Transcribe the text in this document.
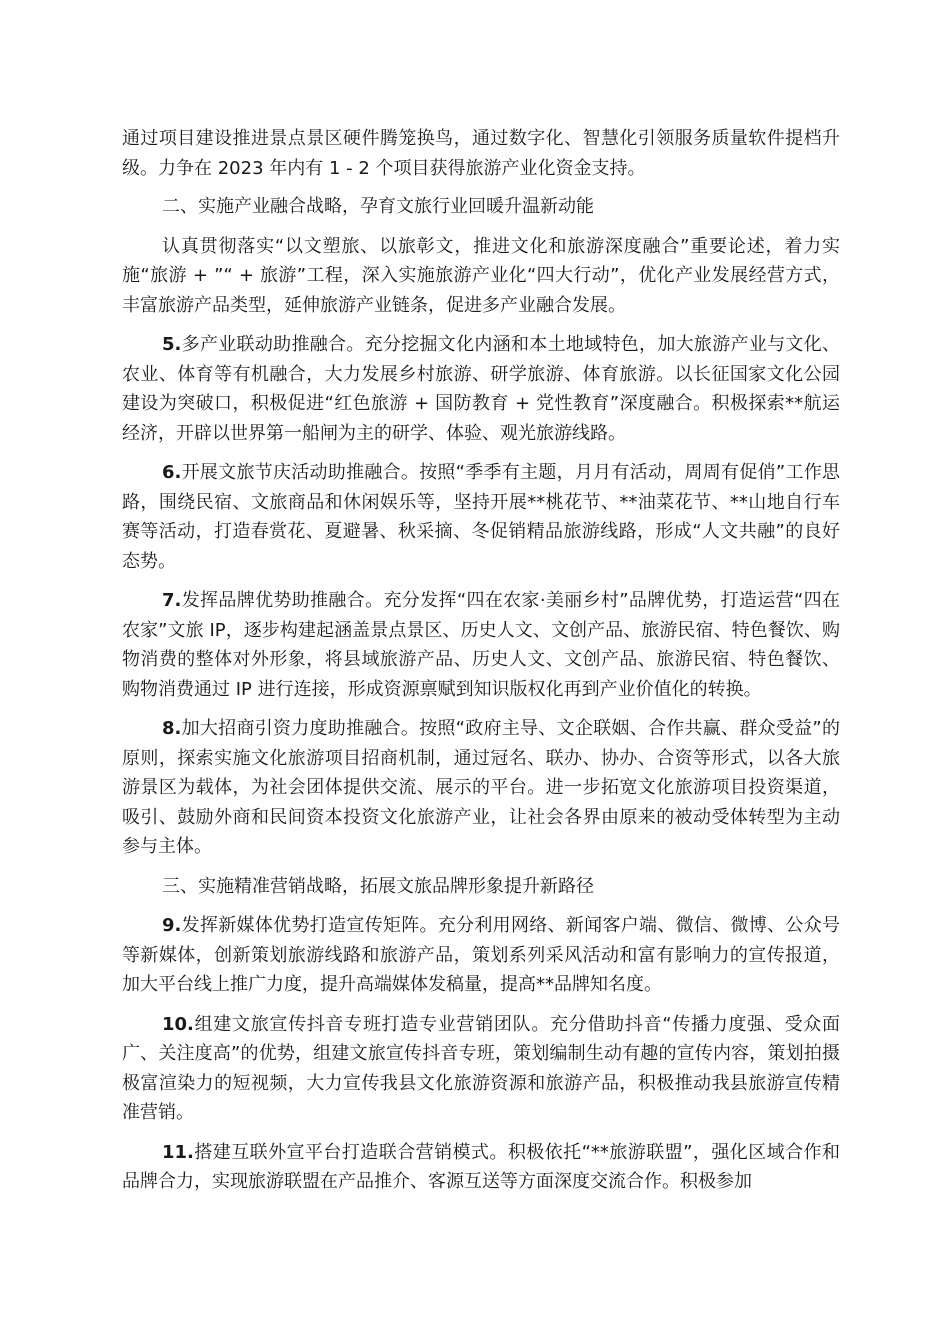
通过项目建设推进景点景区硬件腾笼换鸟，通过数字化、智慧化引领服务质量软件提档升级。力争在 2023 年内有 1 - 2 个项目获得旅游产业化资金支持。

二、实施产业融合战略，孕育文旅行业回暖升温新动能

认真贯彻落实“以文塑旅、以旅彰文，推进文化和旅游深度融合”重要论述，着力实施“旅游 + ”“ + 旅游”工程，深入实施旅游产业化“四大行动”，优化产业发展经营方式，丰富旅游产品类型，延伸旅游产业链条，促进多产业融合发展。

5.多产业联动助推融合。充分挖掘文化内涵和本土地域特色，加大旅游产业与文化、农业、体育等有机融合，大力发展乡村旅游、研学旅游、体育旅游。以长征国家文化公园建设为突破口，积极促进“红色旅游 + 国防教育 + 党性教育”深度融合。积极探索**航运经济，开辟以世界第一船闸为主的研学、体验、观光旅游线路。

6.开展文旅节庆活动助推融合。按照“季季有主题，月月有活动，周周有促俏”工作思路，围绕民宿、文旅商品和休闲娱乐等，坚持开展**桃花节、**油菜花节、**山地自行车赛等活动，打造春赏花、夏避暑、秋采摘、冬促销精品旅游线路，形成“人文共融”的良好态势。

7.发挥品牌优势助推融合。充分发挥“四在农家·美丽乡村”品牌优势，打造运营“四在农家”文旅 IP，逐步构建起涵盖景点景区、历史人文、文创产品、旅游民宿、特色餐饮、购物消费的整体对外形象，将县域旅游产品、历史人文、文创产品、旅游民宿、特色餐饮、购物消费通过 IP 进行连接，形成资源禀赋到知识版权化再到产业价值化的转换。

8.加大招商引资力度助推融合。按照“政府主导、文企联姻、合作共赢、群众受益”的原则，探索实施文化旅游项目招商机制，通过冠名、联办、协办、合资等形式，以各大旅游景区为载体，为社会团体提供交流、展示的平台。进一步拓宽文化旅游项目投资渠道，吸引、鼓励外商和民间资本投资文化旅游产业，让社会各界由原来的被动受体转型为主动参与主体。

三、实施精准营销战略，拓展文旅品牌形象提升新路径

9.发挥新媒体优势打造宣传矩阵。充分利用网络、新闻客户端、微信、微博、公众号等新媒体，创新策划旅游线路和旅游产品，策划系列采风活动和富有影响力的宣传报道，加大平台线上推广力度，提升高端媒体发稿量，提高**品牌知名度。

10.组建文旅宣传抖音专班打造专业营销团队。充分借助抖音“传播力度强、受众面广、关注度高”的优势，组建文旅宣传抖音专班，策划编制生动有趣的宣传内容，策划拍摄极富渲染力的短视频，大力宣传我县文化旅游资源和旅游产品，积极推动我县旅游宣传精准营销。

11.搭建互联外宣平台打造联合营销模式。积极依托“**旅游联盟”，强化区域合作和品牌合力，实现旅游联盟在产品推介、客源互送等方面深度交流合作。积极参加
